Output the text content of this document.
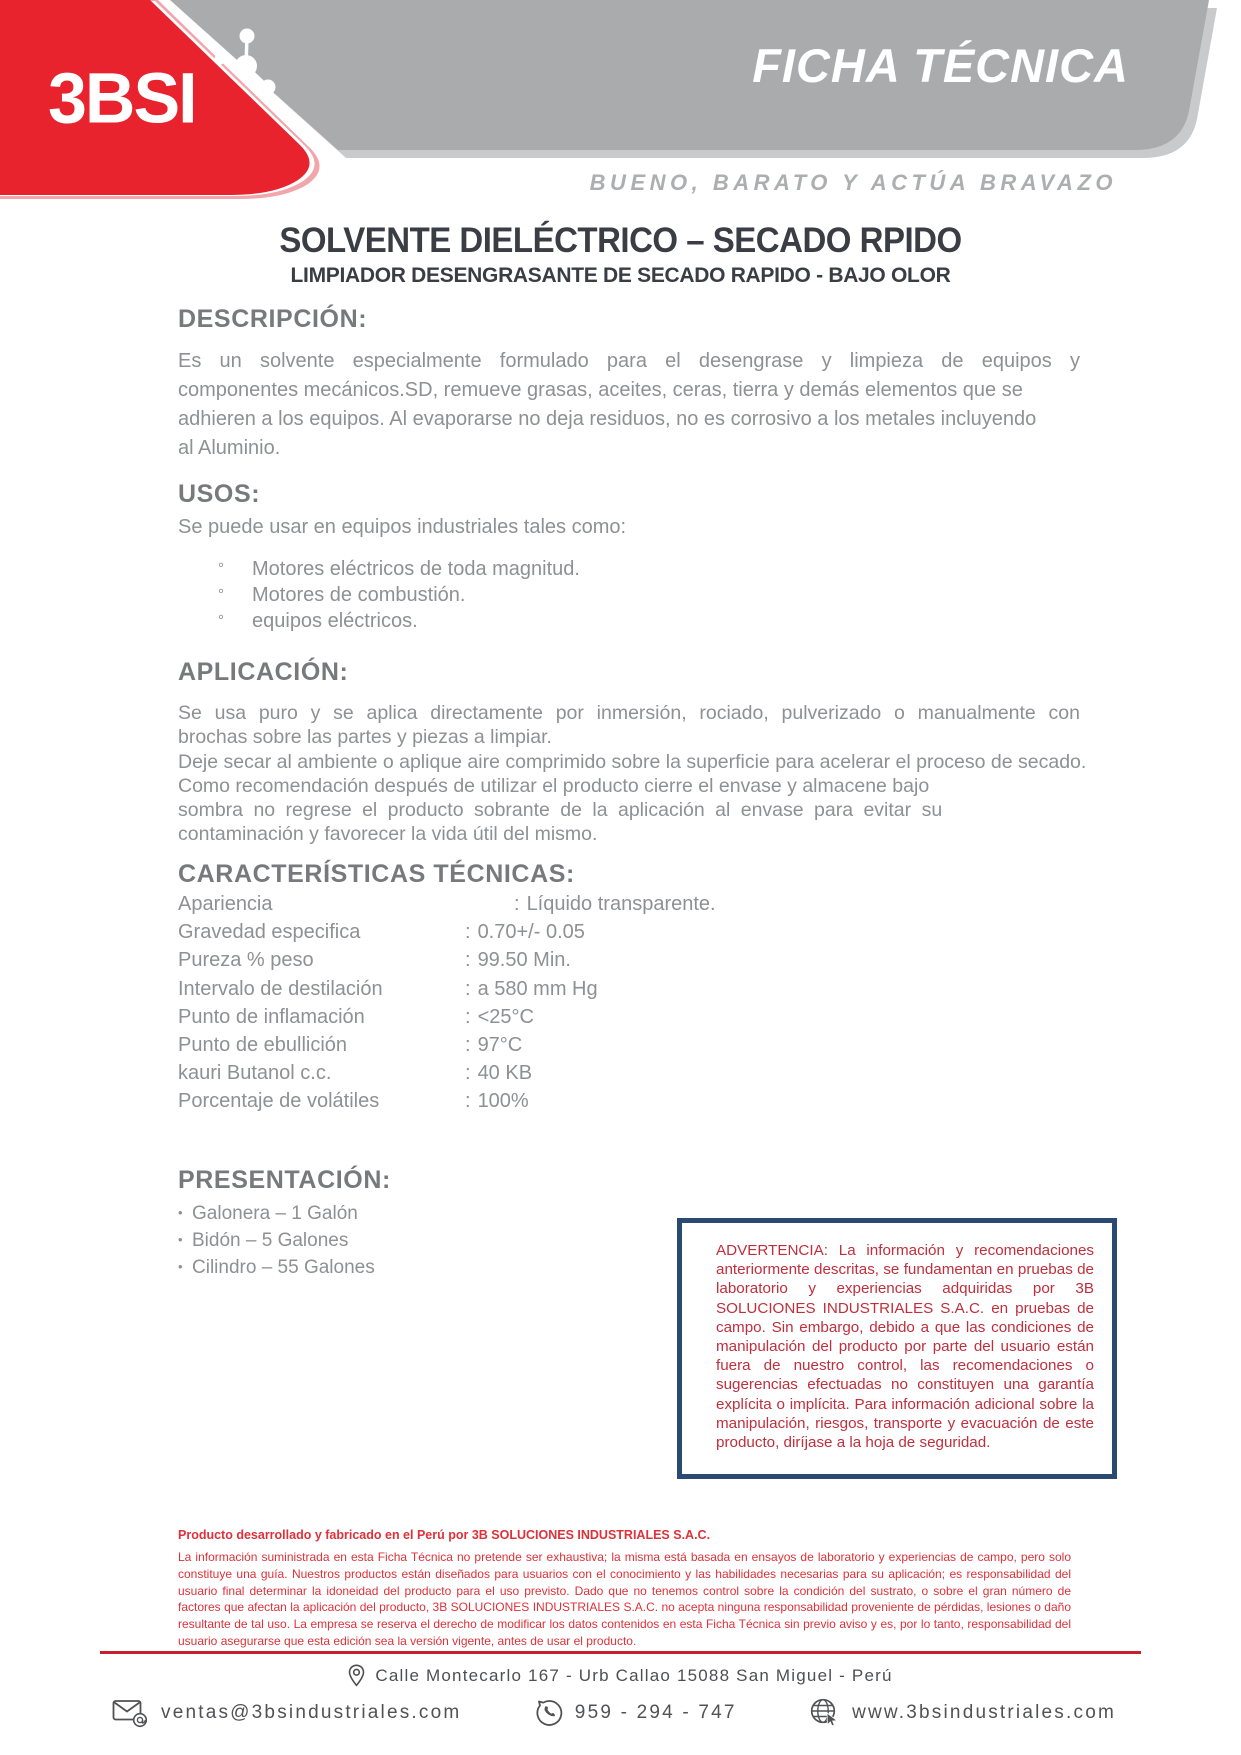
3BSI	FICHA TÉCNICA
BUENO, BARATO Y ACTÚA BRAVAZO
SOLVENTE DIELÉCTRICO – SECADO RPIDO
LIMPIADOR DESENGRASANTE DE SECADO RAPIDO - BAJO OLOR
DESCRIPCIÓN:
Es un solvente especialmente formulado para el desengrase y limpieza de equipos y
componentes mecánicos.SD, remueve grasas, aceites, ceras, tierra y demás elementos que se
adhieren a los equipos. Al evaporarse no deja residuos, no es corrosivo a los metales incluyendo
al Aluminio.
USOS:
Se puede usar en equipos industriales tales como:
° Motores eléctricos de toda magnitud.
° Motores de combustión.
° equipos eléctricos.
APLICACIÓN:
Se usa puro y se aplica directamente por inmersión, rociado, pulverizado o manualmente con
brochas sobre las partes y piezas a limpiar.
Deje secar al ambiente o aplique aire comprimido sobre la superficie para acelerar el proceso de secado.
Como recomendación después de utilizar el producto cierre el envase y almacene bajo
sombra no regrese el producto sobrante de la aplicación al envase para evitar su
contaminación y favorecer la vida útil del mismo.
CARACTERÍSTICAS TÉCNICAS:
Apariencia	: Líquido transparente.
Gravedad especifica	: 0.70+/- 0.05
Pureza % peso	: 99.50 Min.
Intervalo de destilación	: a 580 mm Hg
Punto de inflamación	: <25°C
Punto de ebullición	: 97°C
kauri Butanol c.c.	: 40 KB
Porcentaje de volátiles	: 100%
PRESENTACIÓN:
• Galonera – 1 Galón
• Bidón – 5 Galones
• Cilindro – 55 Galones
ADVERTENCIA: La información y recomendaciones anteriormente descritas, se fundamentan en pruebas de laboratorio y experiencias adquiridas por 3B SOLUCIONES INDUSTRIALES S.A.C. en pruebas de campo. Sin embargo, debido a que las condiciones de manipulación del producto por parte del usuario están fuera de nuestro control, las recomendaciones o sugerencias efectuadas no constituyen una garantía explícita o implícita. Para información adicional sobre la manipulación, riesgos, transporte y evacuación de este producto, diríjase a la hoja de seguridad.
Producto desarrollado y fabricado en el Perú por 3B SOLUCIONES INDUSTRIALES S.A.C.
La información suministrada en esta Ficha Técnica no pretende ser exhaustiva; la misma está basada en ensayos de laboratorio y experiencias de campo, pero solo constituye una guía. Nuestros productos están diseñados para usuarios con el conocimiento y las habilidades necesarias para su aplicación; es responsabilidad del usuario final determinar la idoneidad del producto para el uso previsto. Dado que no tenemos control sobre la condición del sustrato, o sobre el gran número de factores que afectan la aplicación del producto, 3B SOLUCIONES INDUSTRIALES S.A.C. no acepta ninguna responsabilidad proveniente de pérdidas, lesiones o daño resultante de tal uso. La empresa se reserva el derecho de modificar los datos contenidos en esta Ficha Técnica sin previo aviso y es, por lo tanto, responsabilidad del usuario asegurarse que esta edición sea la versión vigente, antes de usar el producto.
Calle Montecarlo 167 - Urb Callao 15088 San Miguel - Perú
ventas@3bsindustriales.com	959 - 294 - 747	www.3bsindustriales.com
